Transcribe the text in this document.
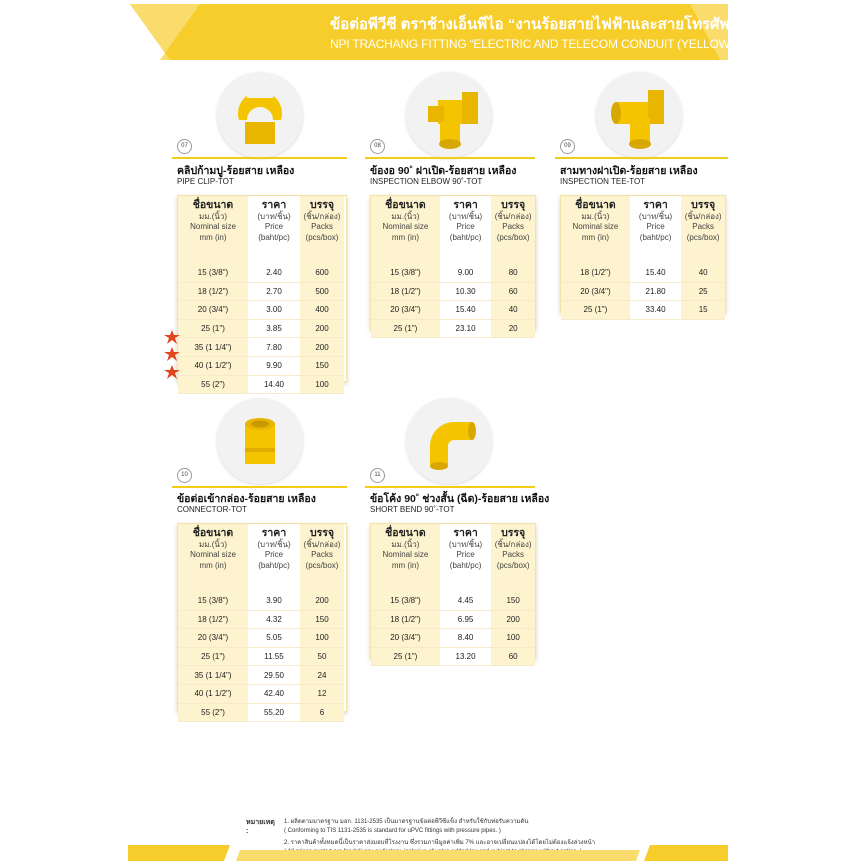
ข้อต่อพีวีซี ตราช้างเอ็นพีไอ “งานร้อยสายไฟฟ้าและสายโทรศัพท์ (สีเหลือง)” ฉีด
NPI TRACHANG FITTING “ELECTRIC AND TELECOM CONDUIT (YELLOW)” INJECTION
07
คลิปก้ามปู-ร้อยสาย เหลือง
PIPE CLIP-TOT
ชื่อขนาด
มม.(นิ้ว)
Nominal size
mm (in)	ราคา
(บาท/ชิ้น)
Price
(baht/pc)	บรรจุ
(ชิ้น/กล่อง)
Packs
(pcs/box)
15 (3/8")	2.40	600
18 (1/2")	2.70	500
20 (3/4")	3.00	400
25 (1")	3.85	200
35 (1 1/4")	7.80	200
40 (1 1/2")	9.90	150
55 (2")	14.40	100
08
ข้องอ 90˚ ฝาเปิด-ร้อยสาย เหลือง
INSPECTION ELBOW 90˚-TOT
ชื่อขนาด
มม.(นิ้ว)
Nominal size
mm (in)	ราคา
(บาท/ชิ้น)
Price
(baht/pc)	บรรจุ
(ชิ้น/กล่อง)
Packs
(pcs/box)
15 (3/8")	9.00	80
18 (1/2")	10.30	60
20 (3/4")	15.40	40
25 (1")	23.10	20
09
สามทางฝาเปิด-ร้อยสาย เหลือง
INSPECTION TEE-TOT
ชื่อขนาด
มม.(นิ้ว)
Nominal size
mm (in)	ราคา
(บาท/ชิ้น)
Price
(baht/pc)	บรรจุ
(ชิ้น/กล่อง)
Packs
(pcs/box)
18 (1/2")	15.40	40
20 (3/4")	21.80	25
25 (1")	33.40	15
10
ข้อต่อเข้ากล่อง-ร้อยสาย เหลือง
CONNECTOR-TOT
ชื่อขนาด
มม.(นิ้ว)
Nominal size
mm (in)	ราคา
(บาท/ชิ้น)
Price
(baht/pc)	บรรจุ
(ชิ้น/กล่อง)
Packs
(pcs/box)
15 (3/8")	3.90	200
18 (1/2")	4.32	150
20 (3/4")	5.05	100
25 (1")	11.55	50
35 (1 1/4")	29.50	24
40 (1 1/2")	42.40	12
55 (2")	55.20	6
11
ข้อโค้ง 90˚ ช่วงสั้น (ฉีด)-ร้อยสาย เหลือง
SHORT BEND 90˚-TOT
ชื่อขนาด
มม.(นิ้ว)
Nominal size
mm (in)	ราคา
(บาท/ชิ้น)
Price
(baht/pc)	บรรจุ
(ชิ้น/กล่อง)
Packs
(pcs/box)
15 (3/8")	4.45	150
18 (1/2")	6.95	200
20 (3/4")	8.40	100
25 (1")	13.20	60
หมายเหตุ :
1. ผลิตตามมาตรฐาน มอก. 1131-2535 เป็นมาตรฐานข้อต่อพีวีซีแข็ง สำหรับใช้กับท่อรับความดัน
( Conforming to TIS 1131-2535 is standard for uPVC fittings with pressure pipes. )
2. ราคาสินค้าทั้งหมดนี้เป็นราคาส่งมอบที่โรงงาน ซึ่งรวมภาษีมูลค่าเพิ่ม 7% และอาจเปลี่ยนแปลงได้โดยไม่ต้องแจ้งล่วงหน้า
